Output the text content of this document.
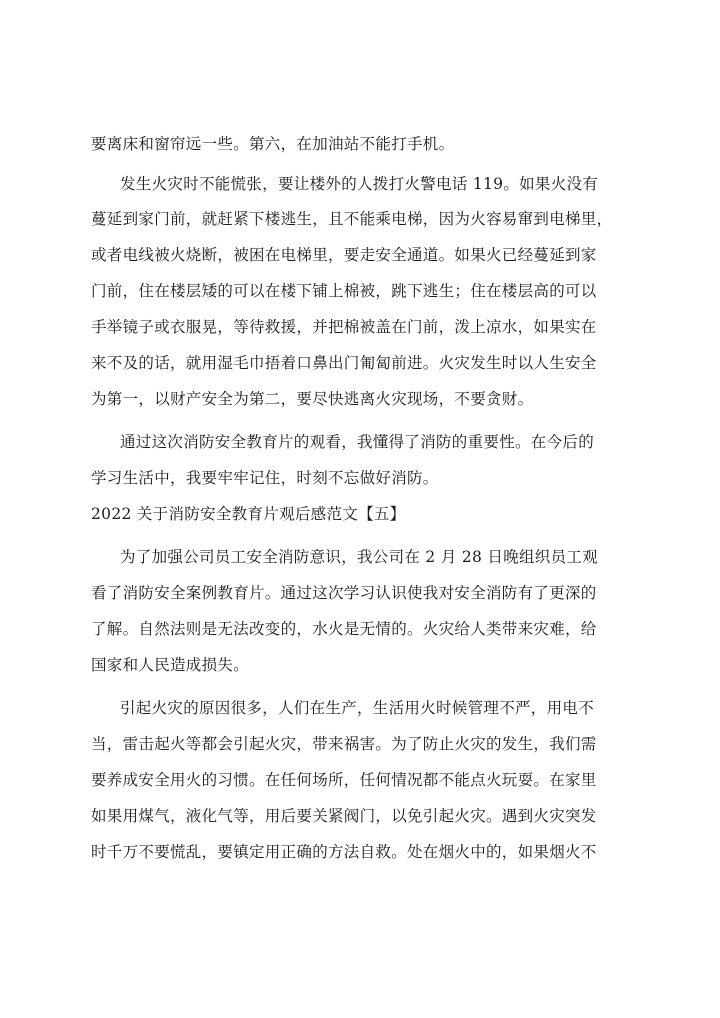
要离床和窗帘远一些。第六，在加油站不能打手机。
发生火灾时不能慌张，要让楼外的人拨打火警电话 119。如果火没有
蔓延到家门前，就赶紧下楼逃生，且不能乘电梯，因为火容易窜到电梯里，
或者电线被火烧断，被困在电梯里，要走安全通道。如果火已经蔓延到家
门前，住在楼层矮的可以在楼下铺上棉被，跳下逃生；住在楼层高的可以
手举镜子或衣服晃，等待救援，并把棉被盖在门前，泼上凉水，如果实在
来不及的话，就用湿毛巾捂着口鼻出门匍匐前进。火灾发生时以人生安全
为第一，以财产安全为第二，要尽快逃离火灾现场，不要贪财。
通过这次消防安全教育片的观看，我懂得了消防的重要性。在今后的
学习生活中，我要牢牢记住，时刻不忘做好消防。
2022 关于消防安全教育片观后感范文【五】
为了加强公司员工安全消防意识，我公司在 2 月 28 日晚组织员工观
看了消防安全案例教育片。通过这次学习认识使我对安全消防有了更深的
了解。自然法则是无法改变的，水火是无情的。火灾给人类带来灾难，给
国家和人民造成损失。
引起火灾的原因很多，人们在生产，生活用火时候管理不严，用电不
当，雷击起火等都会引起火灾，带来祸害。为了防止火灾的发生，我们需
要养成安全用火的习惯。在任何场所，任何情况都不能点火玩耍。在家里
如果用煤气，液化气等，用后要关紧阀门，以免引起火灾。遇到火灾突发
时千万不要慌乱，要镇定用正确的方法自救。处在烟火中的，如果烟火不
